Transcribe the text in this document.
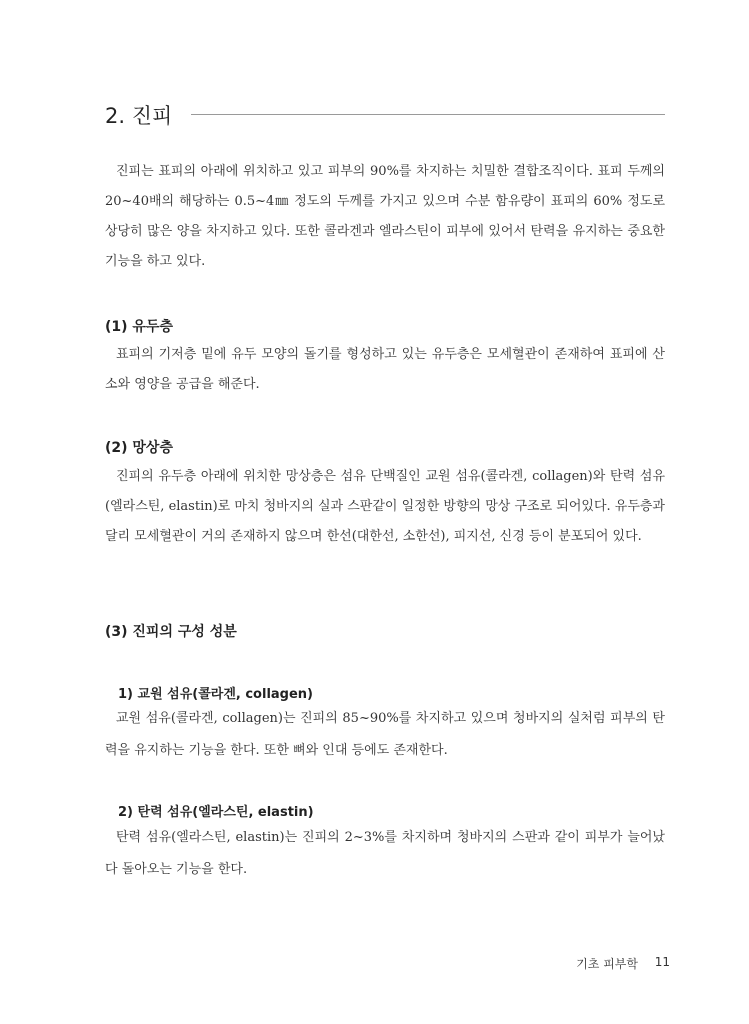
2. 진피

진피는 표피의 아래에 위치하고 있고 피부의 90%를 차지하는 치밀한 결합조직이다. 표피 두께의 20~40배의 해당하는 0.5~4㎜ 정도의 두께를 가지고 있으며 수분 함유량이 표피의 60% 정도로 상당히 많은 양을 차지하고 있다. 또한 콜라겐과 엘라스틴이 피부에 있어서 탄력을 유지하는 중요한 기능을 하고 있다.

(1) 유두층

표피의 기저층 밑에 유두 모양의 돌기를 형성하고 있는 유두층은 모세혈관이 존재하여 표피에 산소와 영양을 공급을 해준다.

(2) 망상층

진피의 유두층 아래에 위치한 망상층은 섬유 단백질인 교원 섬유(콜라겐, collagen)와 탄력 섬유(엘라스틴, elastin)로 마치 청바지의 실과 스판같이 일정한 방향의 망상 구조로 되어있다. 유두층과 달리 모세혈관이 거의 존재하지 않으며 한선(대한선, 소한선), 피지선, 신경 등이 분포되어 있다.

(3) 진피의 구성 성분
1) 교원 섬유(콜라겐, collagen)

교원 섬유(콜라겐, collagen)는 진피의 85~90%를 차지하고 있으며 청바지의 실처럼 피부의 탄력을 유지하는 기능을 한다. 또한 뼈와 인대 등에도 존재한다.

2) 탄력 섬유(엘라스틴, elastin)

탄력 섬유(엘라스틴, elastin)는 진피의 2~3%를 차지하며 청바지의 스판과 같이 피부가 늘어났다 돌아오는 기능을 한다.

기초 피부학 11
